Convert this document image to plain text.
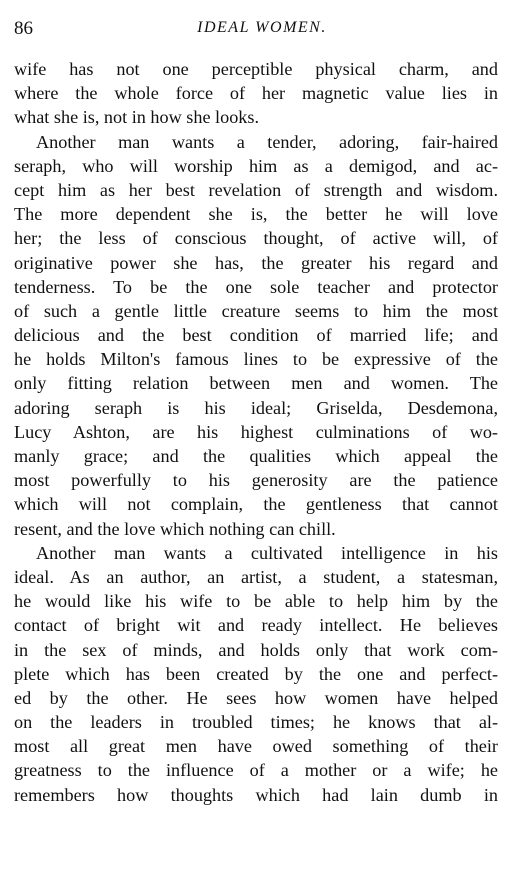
86	IDEAL WOMEN.
wife has not one perceptible physical charm, and
where the whole force of her magnetic value lies in
what she is, not in how she looks.
Another man wants a tender, adoring, fair-haired
seraph, who will worship him as a demigod, and ac-
cept him as her best revelation of strength and wisdom.
The more dependent she is, the better he will love
her; the less of conscious thought, of active will, of
originative power she has, the greater his regard and
tenderness. To be the one sole teacher and protector
of such a gentle little creature seems to him the most
delicious and the best condition of married life; and
he holds Milton's famous lines to be expressive of the
only fitting relation between men and women. The
adoring seraph is his ideal; Griselda, Desdemona,
Lucy Ashton, are his highest culminations of wo-
manly grace; and the qualities which appeal the
most powerfully to his generosity are the patience
which will not complain, the gentleness that cannot
resent, and the love which nothing can chill.
Another man wants a cultivated intelligence in his
ideal. As an author, an artist, a student, a statesman,
he would like his wife to be able to help him by the
contact of bright wit and ready intellect. He believes
in the sex of minds, and holds only that work com-
plete which has been created by the one and perfect-
ed by the other. He sees how women have helped
on the leaders in troubled times; he knows that al-
most all great men have owed something of their
greatness to the influence of a mother or a wife; he
remembers how thoughts which had lain dumb in
